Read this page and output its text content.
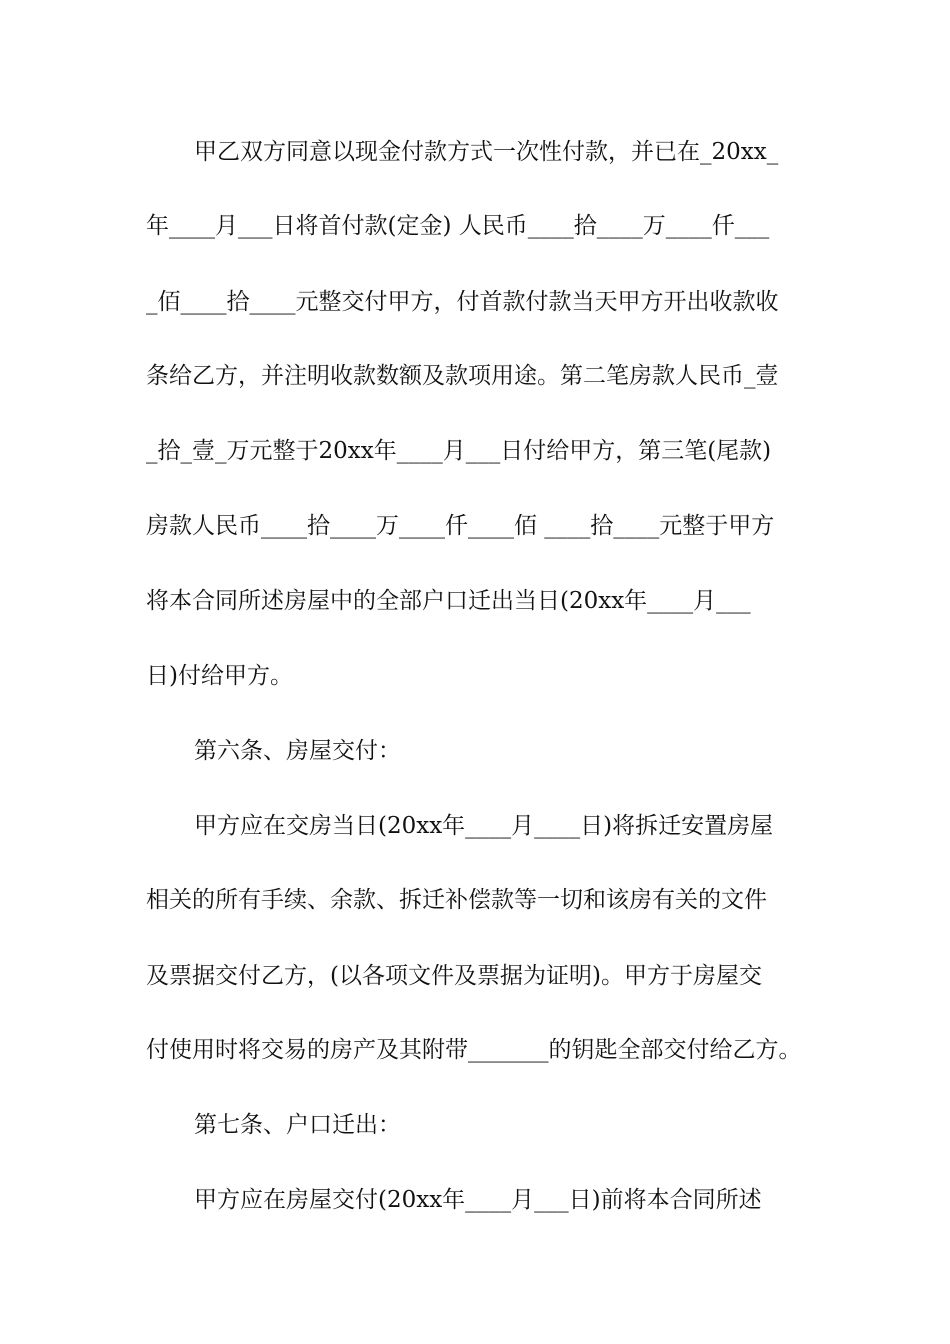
甲乙双方同意以现金付款方式一次性付款，并已在_20xx_
年____月___日将首付款(定金) 人民币____拾____万____仟___
_佰____拾____元整交付甲方，付首款付款当天甲方开出收款收
条给乙方，并注明收款数额及款项用途。第二笔房款人民币_壹
_拾_壹_万元整于20xx年____月___日付给甲方，第三笔(尾款)
房款人民币____拾____万____仟____佰 ____拾____元整于甲方
将本合同所述房屋中的全部户口迁出当日(20xx年____月___
日)付给甲方。
第六条、房屋交付：
甲方应在交房当日(20xx年____月____日)将拆迁安置房屋
相关的所有手续、余款、拆迁补偿款等一切和该房有关的文件
及票据交付乙方，(以各项文件及票据为证明)。甲方于房屋交
付使用时将交易的房产及其附带_______的钥匙全部交付给乙方。
第七条、户口迁出：
甲方应在房屋交付(20xx年____月___日)前将本合同所述
